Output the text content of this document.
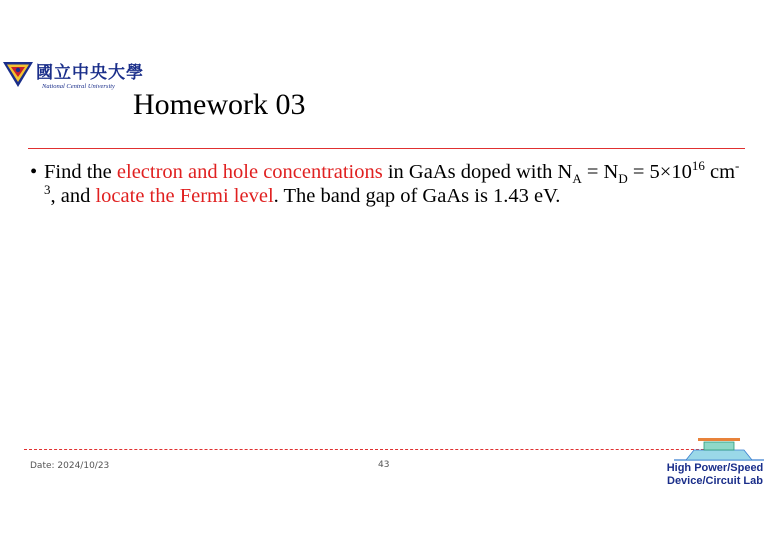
國立中央大學
National Central University
Homework 03
• Find the electron and hole concentrations in GaAs doped with $N_A = N_D = 5\times 10^{16}$ $cm^{-3}$, and locate the Fermi level. The band gap of GaAs is 1.43 eV.
Date: 2024/10/23	43	High Power/Speed
Device/Circuit Lab
